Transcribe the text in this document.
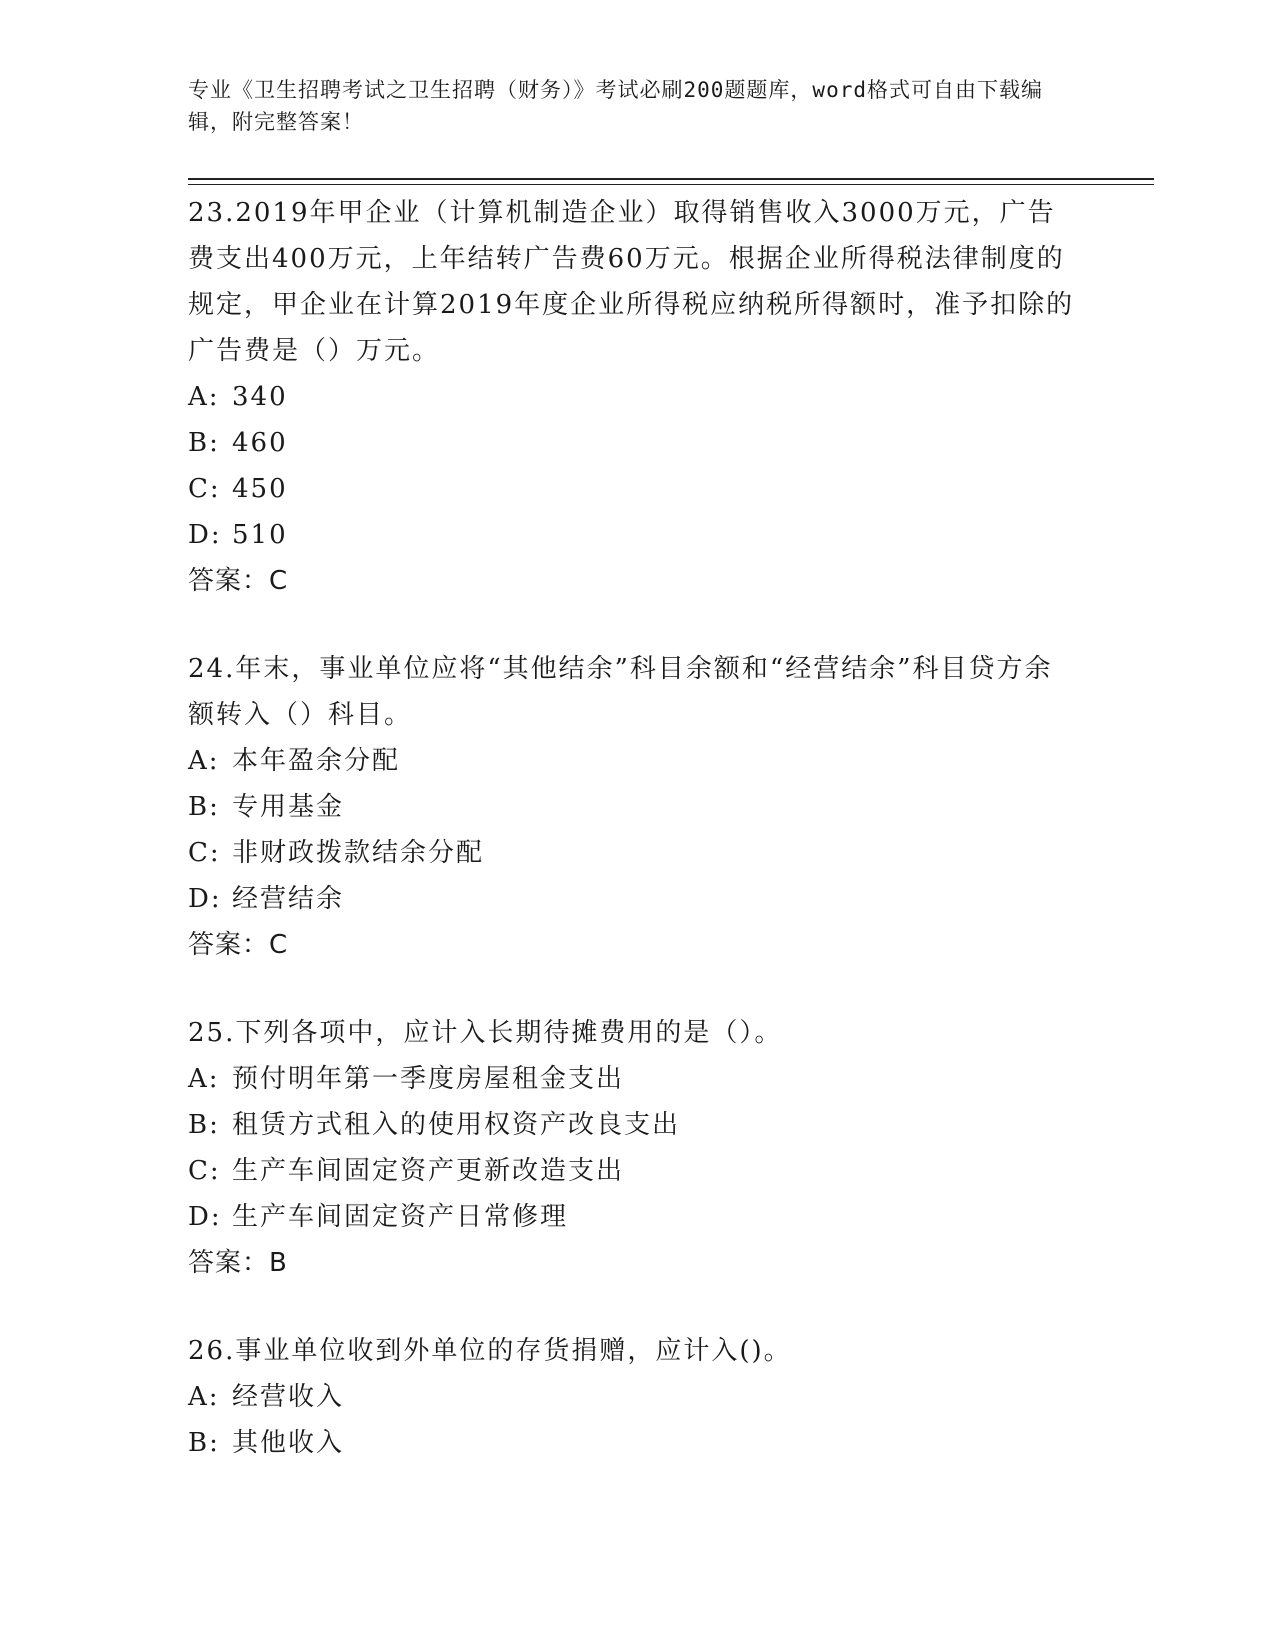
专业《卫生招聘考试之卫生招聘（财务）》考试必刷200题题库，word格式可自由下载编辑，附完整答案！

23.2019年甲企业（计算机制造企业）取得销售收入3000万元，广告费支出400万元，上年结转广告费60万元。根据企业所得税法律制度的规定，甲企业在计算2019年度企业所得税应纳税所得额时，准予扣除的广告费是（）万元。

A: 340

B: 460

C: 450

D: 510

答案：C

24.年末，事业单位应将“其他结余”科目余额和“经营结余”科目贷方余额转入（）科目。

A: 本年盈余分配

B: 专用基金

C: 非财政拨款结余分配

D: 经营结余

答案：C

25.下列各项中，应计入长期待摊费用的是（）。

A: 预付明年第一季度房屋租金支出

B: 租赁方式租入的使用权资产改良支出

C: 生产车间固定资产更新改造支出

D: 生产车间固定资产日常修理

答案：B

26.事业单位收到外单位的存货捐赠，应计入()。

A: 经营收入

B: 其他收入
